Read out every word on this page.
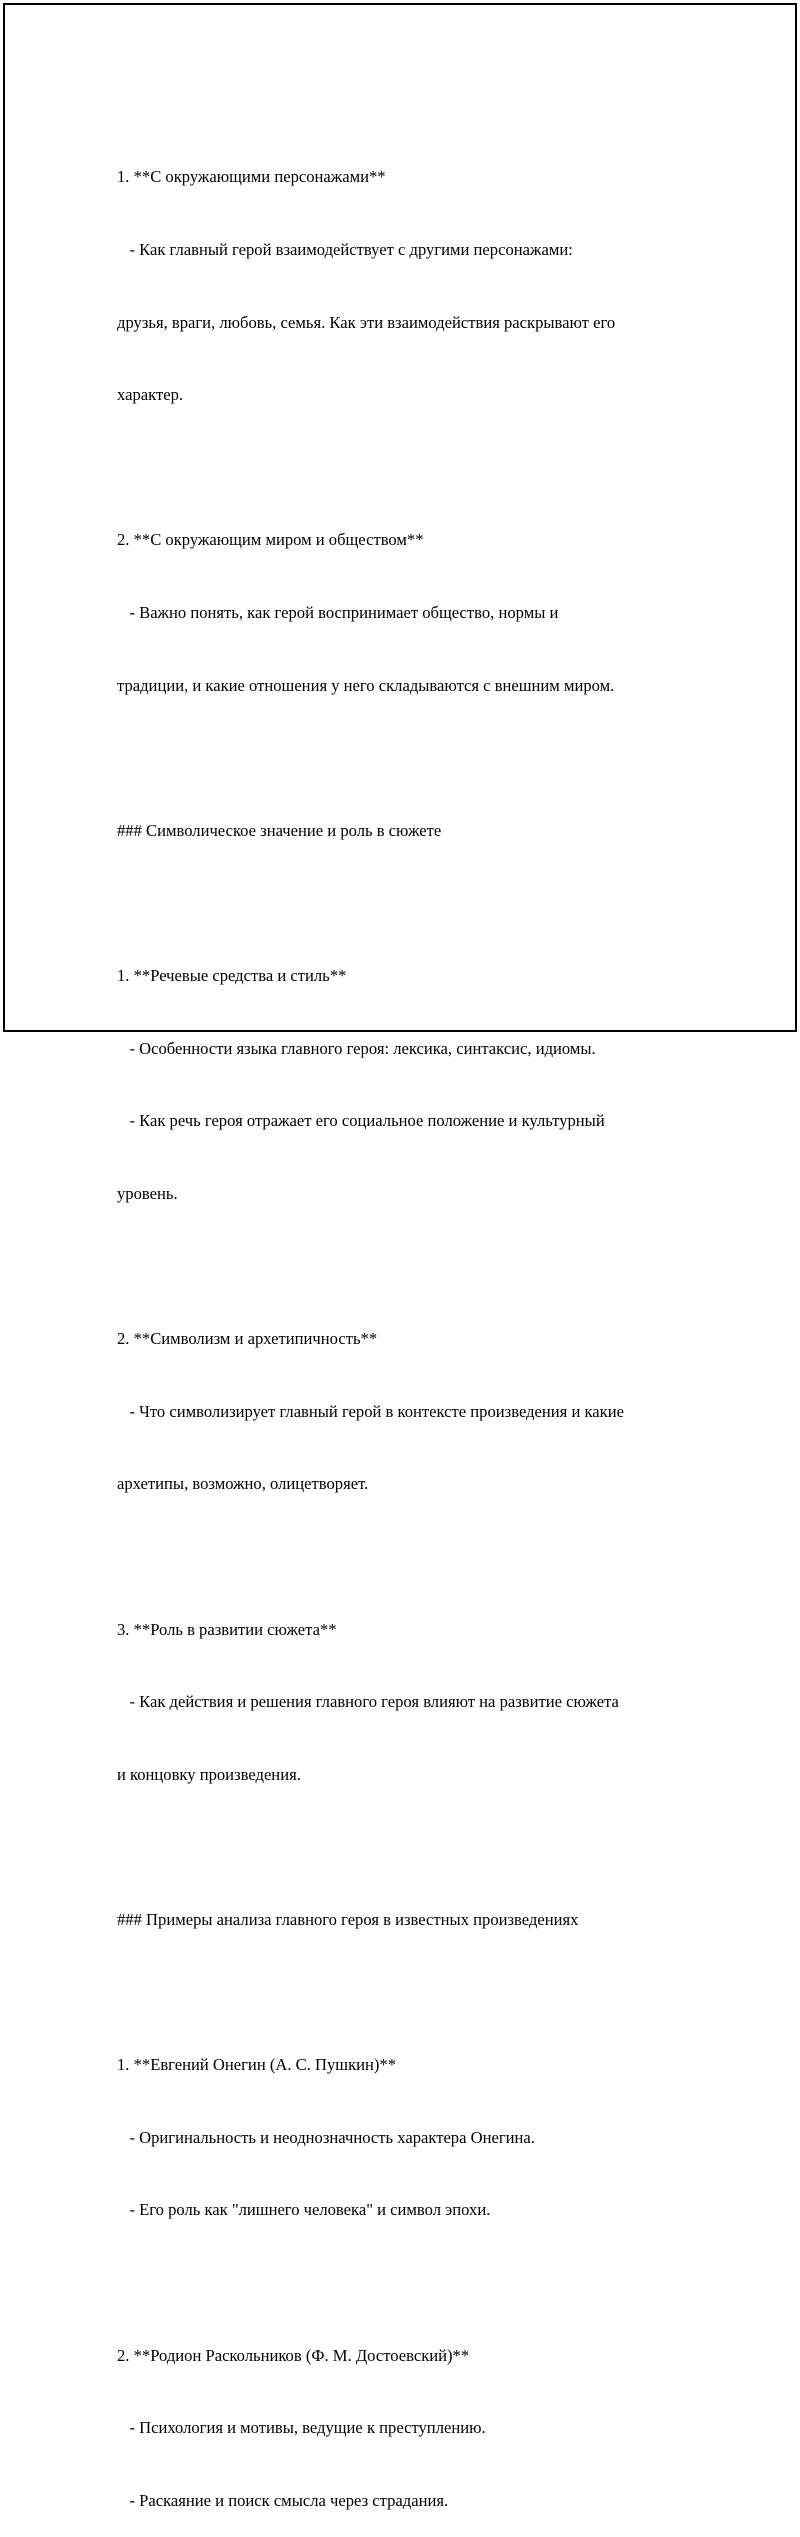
1. **С окружающими персонажами**

- Как главный герой взаимодействует с другими персонажами:

друзья, враги, любовь, семья. Как эти взаимодействия раскрывают его

характер.

2. **С окружающим миром и обществом**

- Важно понять, как герой воспринимает общество, нормы и

традиции, и какие отношения у него складываются с внешним миром.

### Символическое значение и роль в сюжете

1. **Речевые средства и стиль**

- Особенности языка главного героя: лексика, синтаксис, идиомы.

- Как речь героя отражает его социальное положение и культурный

уровень.

2. **Символизм и архетипичность**

- Что символизирует главный герой в контексте произведения и какие

архетипы, возможно, олицетворяет.

3. **Роль в развитии сюжета**

- Как действия и решения главного героя влияют на развитие сюжета

и концовку произведения.

### Примеры анализа главного героя в известных произведениях

1. **Евгений Онегин (А. С. Пушкин)**

- Оригинальность и неоднозначность характера Онегина.

- Его роль как "лишнего человека" и символ эпохи.

2. **Родион Раскольников (Ф. М. Достоевский)**

- Психология и мотивы, ведущие к преступлению.

- Раскаяние и поиск смысла через страдания.
